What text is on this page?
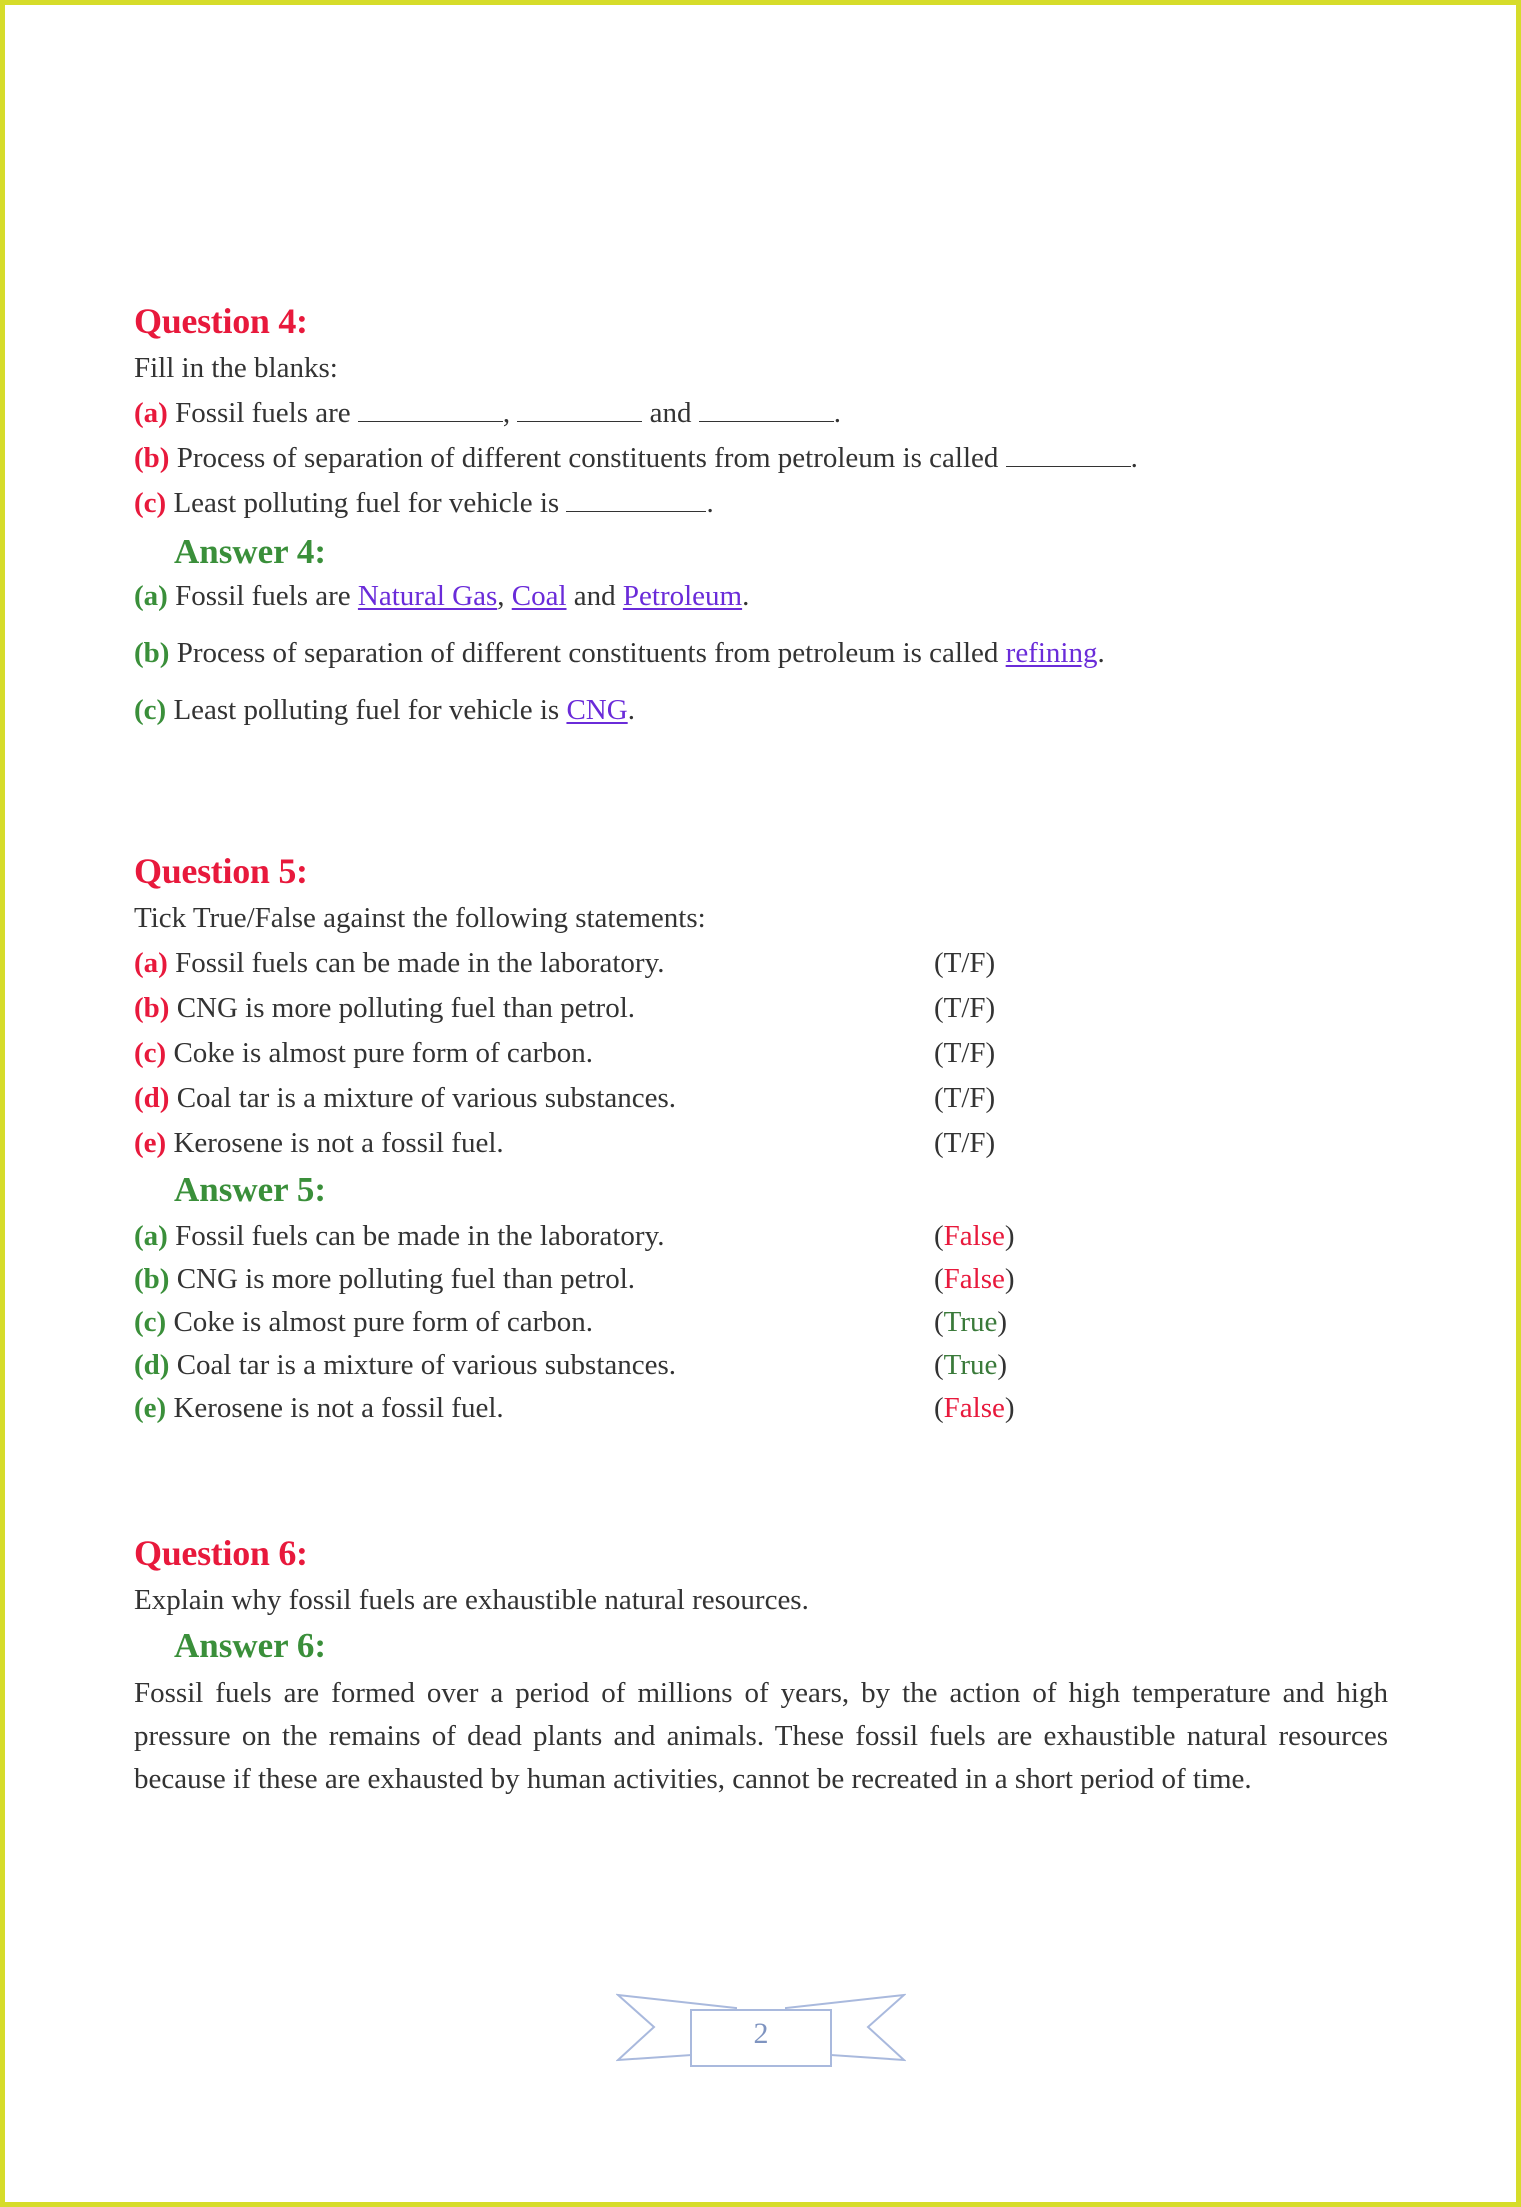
Question 4:
Fill in the blanks:
(a) Fossil fuels are	,	and	.
(b) Process of separation of different constituents from petroleum is called	.
(c) Least polluting fuel for vehicle is	.
Answer 4:
(a) Fossil fuels are Natural Gas, Coal and Petroleum.
(b) Process of separation of different constituents from petroleum is called refining.
(c) Least polluting fuel for vehicle is CNG.
Question 5:
Tick True/False against the following statements:
(a) Fossil fuels can be made in the laboratory.	(T/F)
(b) CNG is more polluting fuel than petrol.	(T/F)
(c) Coke is almost pure form of carbon.	(T/F)
(d) Coal tar is a mixture of various substances.	(T/F)
(e) Kerosene is not a fossil fuel.	(T/F)
Answer 5:
(a) Fossil fuels can be made in the laboratory.	(False)
(b) CNG is more polluting fuel than petrol.	(False)
(c) Coke is almost pure form of carbon.	(True)
(d) Coal tar is a mixture of various substances.	(True)
(e) Kerosene is not a fossil fuel.	(False)
Question 6:
Explain why fossil fuels are exhaustible natural resources.
Answer 6:
Fossil fuels are formed over a period of millions of years, by the action of high temperature and high pressure on the remains of dead plants and animals. These fossil fuels are exhaustible natural resources because if these are exhausted by human activities, cannot be recreated in a short period of time.
2
